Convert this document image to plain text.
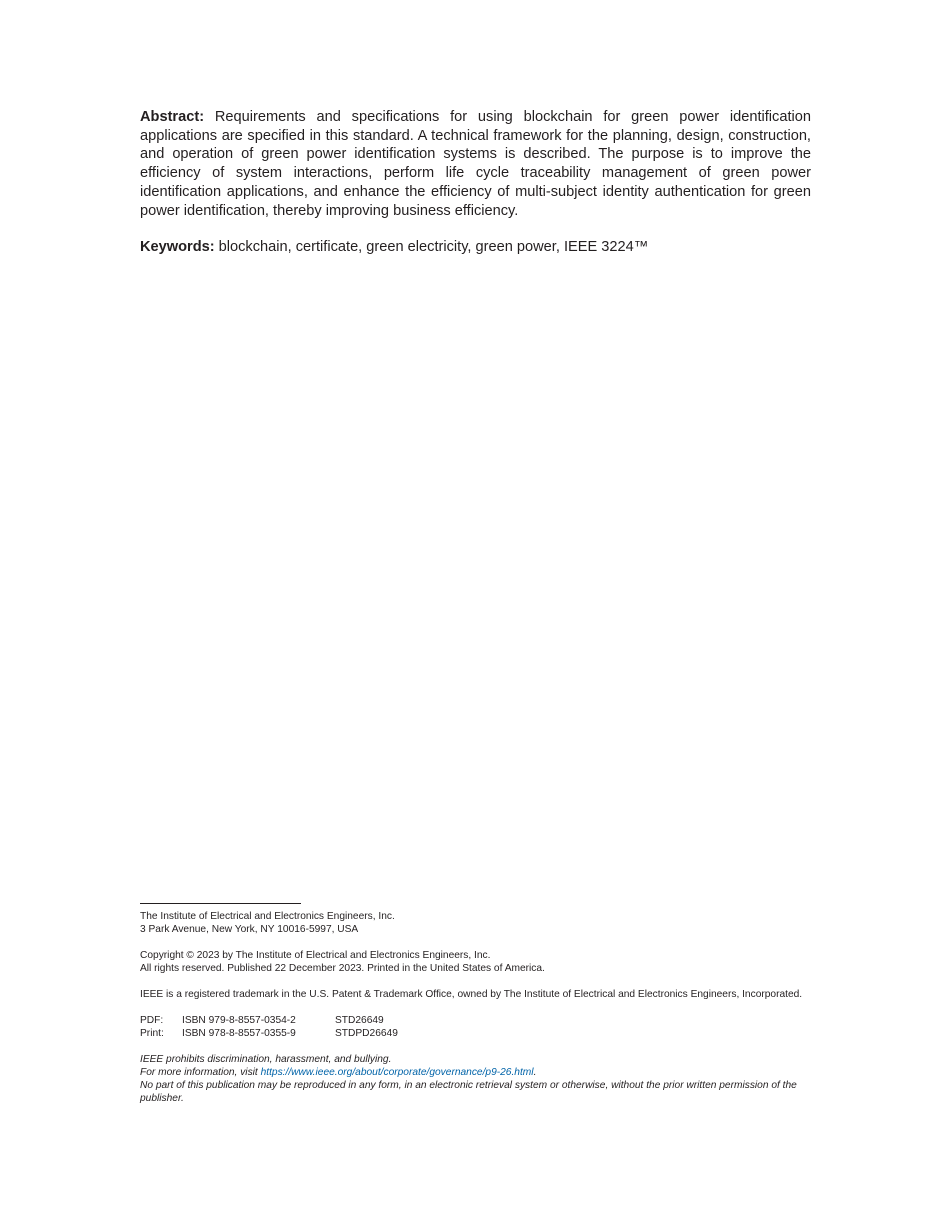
Abstract: Requirements and specifications for using blockchain for green power identification applications are specified in this standard. A technical framework for the planning, design, construction, and operation of green power identification systems is described. The purpose is to improve the efficiency of system interactions, perform life cycle traceability management of green power identification applications, and enhance the efficiency of multi-subject identity authentication for green power identification, thereby improving business efficiency.

Keywords: blockchain, certificate, green electricity, green power, IEEE 3224™

The Institute of Electrical and Electronics Engineers, Inc.

3 Park Avenue, New York, NY 10016-5997, USA

Copyright © 2023 by The Institute of Electrical and Electronics Engineers, Inc.

All rights reserved. Published 22 December 2023. Printed in the United States of America.

IEEE is a registered trademark in the U.S. Patent & Trademark Office, owned by The Institute of Electrical and Electronics Engineers, Incorporated.

PDF:	ISBN 979-8-8557-0354-2	STD26649
Print:	ISBN 978-8-8557-0355-9	STDPD26649

IEEE prohibits discrimination, harassment, and bullying.

For more information, visit https://www.ieee.org/about/corporate/governance/p9-26.html.

No part of this publication may be reproduced in any form, in an electronic retrieval system or otherwise, without the prior written permission of the publisher.
